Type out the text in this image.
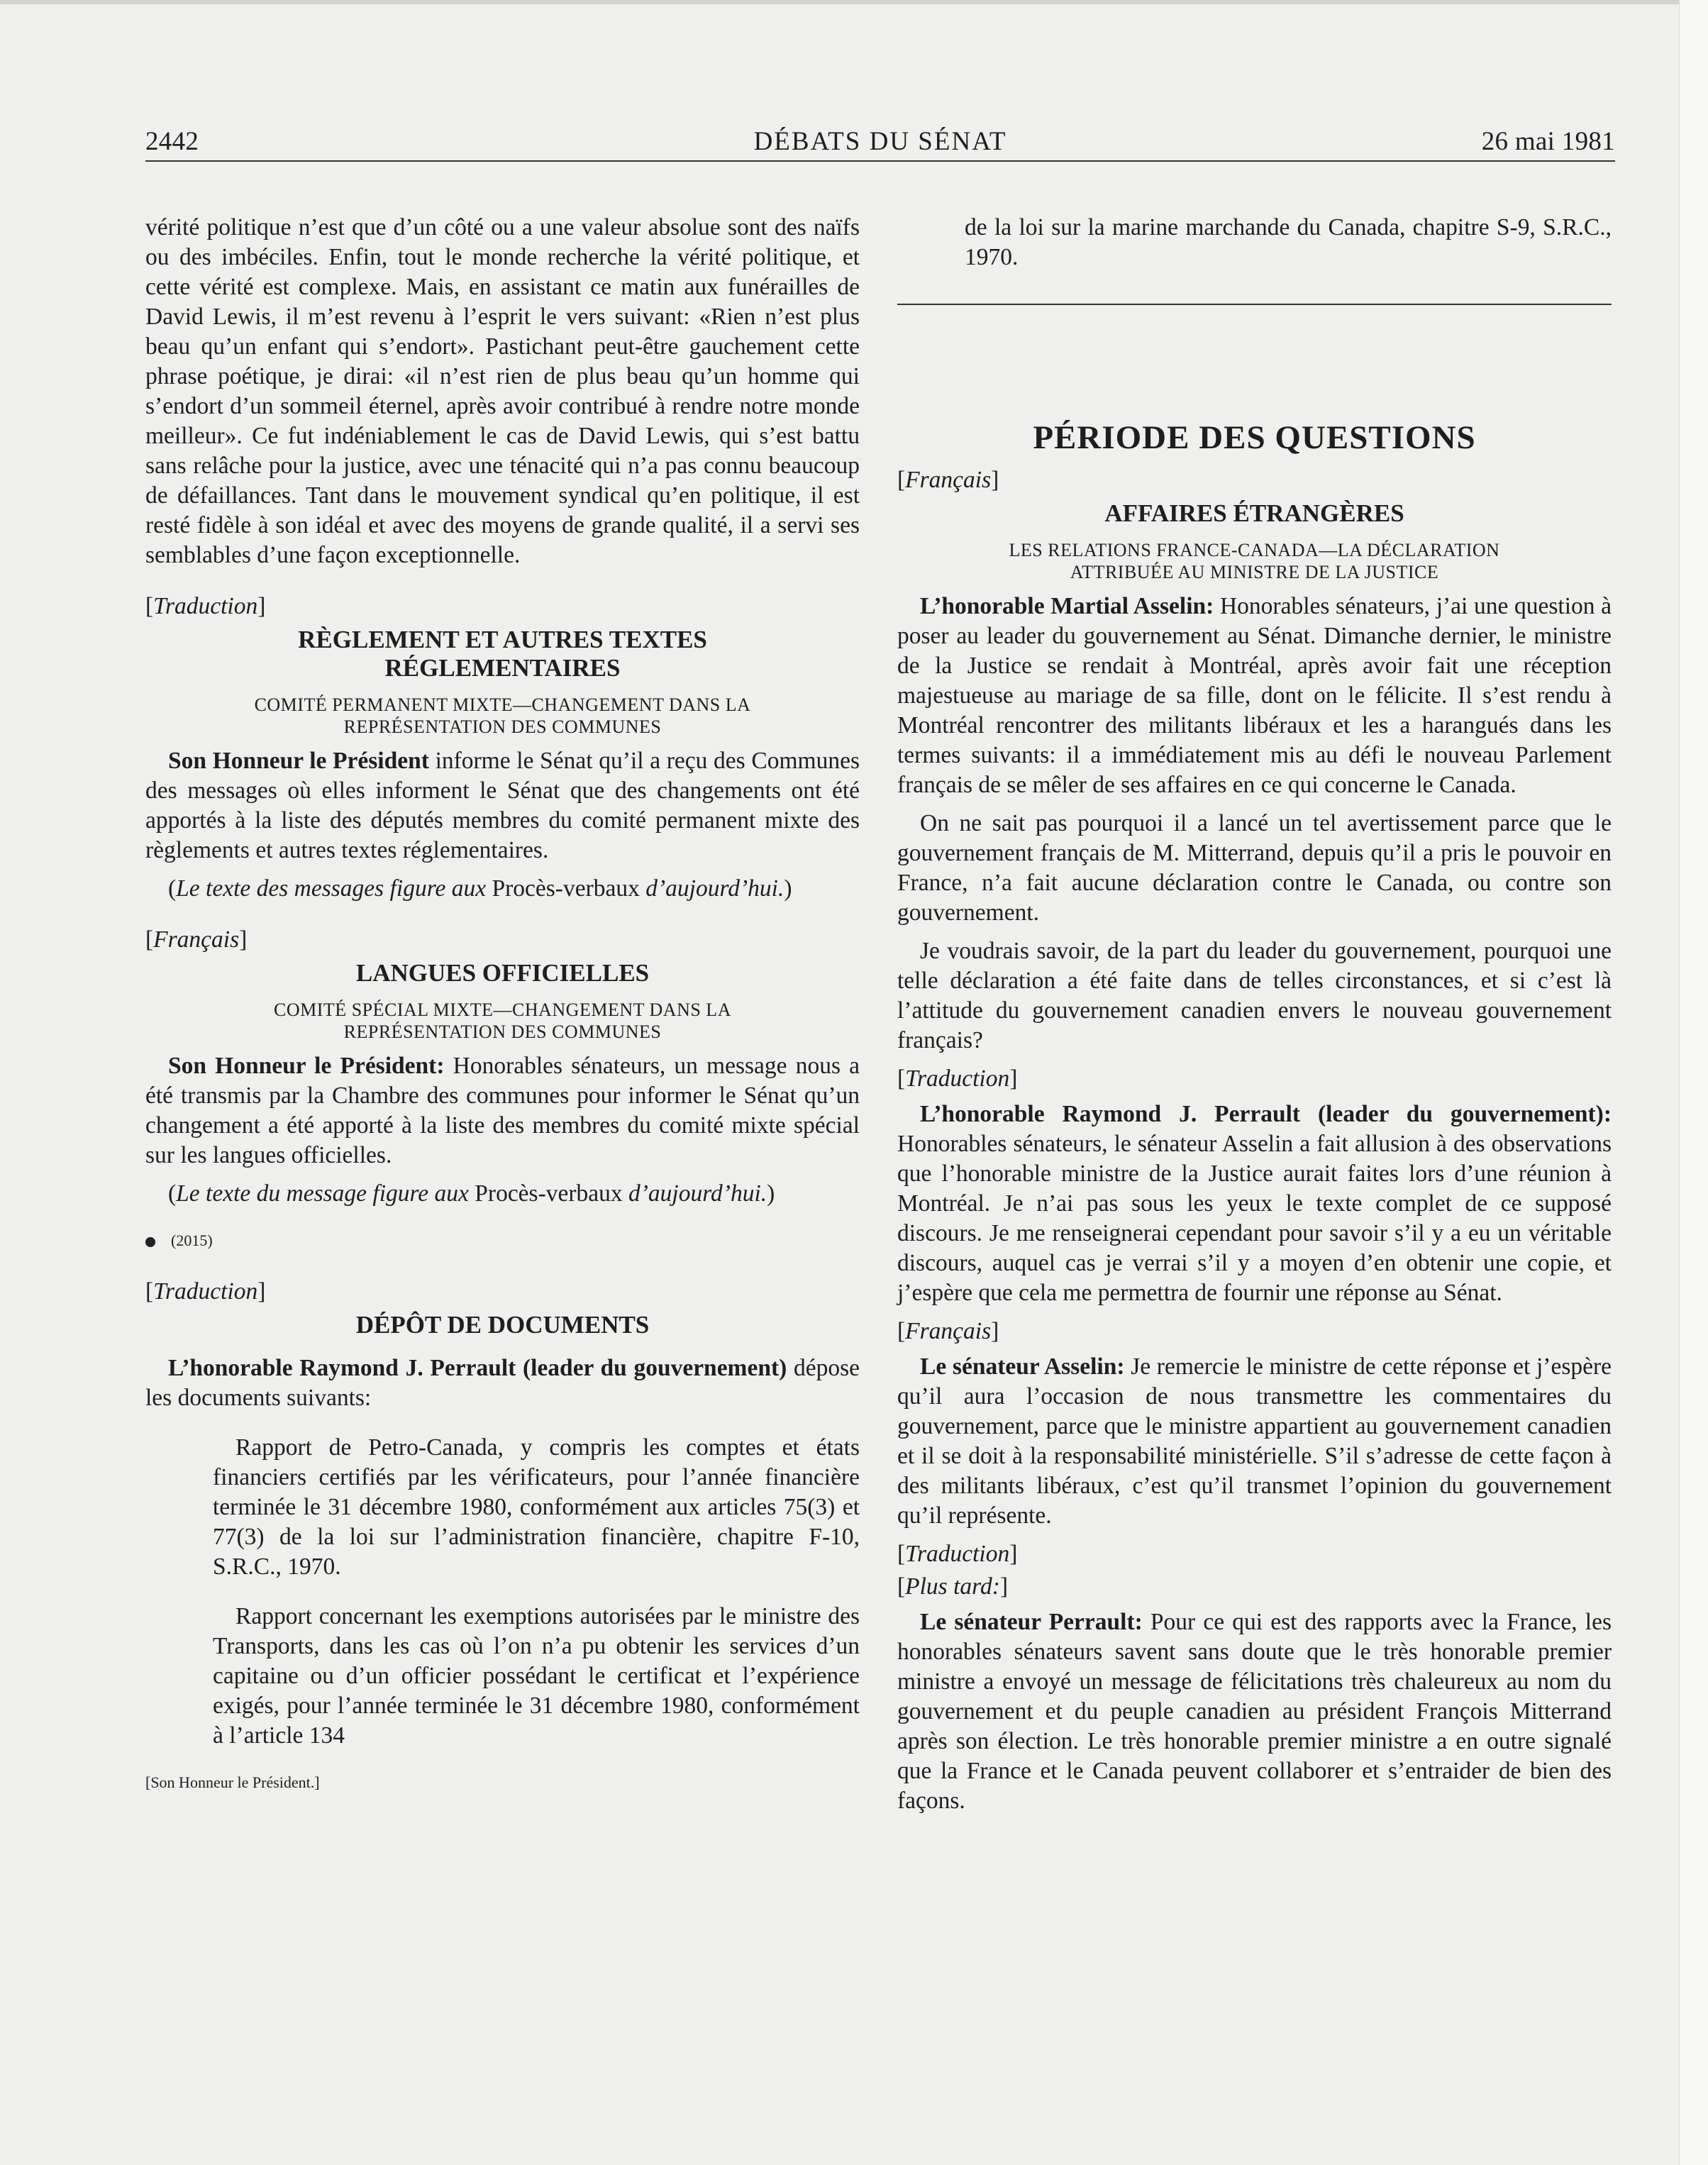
2442	DÉBATS DU SÉNAT	26 mai 1981

vérité politique n’est que d’un côté ou a une valeur absolue sont des naïfs ou des imbéciles. Enfin, tout le monde recherche la vérité politique, et cette vérité est complexe. Mais, en assistant ce matin aux funérailles de David Lewis, il m’est revenu à l’esprit le vers suivant: «Rien n’est plus beau qu’un enfant qui s’endort». Pastichant peut-être gauchement cette phrase poétique, je dirai: «il n’est rien de plus beau qu’un homme qui s’endort d’un sommeil éternel, après avoir contribué à rendre notre monde meilleur». Ce fut indéniablement le cas de David Lewis, qui s’est battu sans relâche pour la justice, avec une ténacité qui n’a pas connu beaucoup de défaillances. Tant dans le mouvement syndical qu’en politique, il est resté fidèle à son idéal et avec des moyens de grande qualité, il a servi ses semblables d’une façon exceptionnelle.

[Traduction]

RÈGLEMENT ET AUTRES TEXTES
RÉGLEMENTAIRES
COMITÉ PERMANENT MIXTE—CHANGEMENT DANS LA
REPRÉSENTATION DES COMMUNES

Son Honneur le Président informe le Sénat qu’il a reçu des Communes des messages où elles informent le Sénat que des changements ont été apportés à la liste des députés membres du comité permanent mixte des règlements et autres textes réglementaires.

(Le texte des messages figure aux Procès-verbaux d’aujourd’hui.)

[Français]

LANGUES OFFICIELLES
COMITÉ SPÉCIAL MIXTE—CHANGEMENT DANS LA
REPRÉSENTATION DES COMMUNES

Son Honneur le Président: Honorables sénateurs, un message nous a été transmis par la Chambre des communes pour informer le Sénat qu’un changement a été apporté à la liste des membres du comité mixte spécial sur les langues officielles.

(Le texte du message figure aux Procès-verbaux d’aujourd’hui.)

(2015)

[Traduction]

DÉPÔT DE DOCUMENTS

L’honorable Raymond J. Perrault (leader du gouvernement) dépose les documents suivants:

Rapport de Petro-Canada, y compris les comptes et états financiers certifiés par les vérificateurs, pour l’année financière terminée le 31 décembre 1980, conformément aux articles 75(3) et 77(3) de la loi sur l’administration financière, chapitre F-10, S.R.C., 1970.

Rapport concernant les exemptions autorisées par le ministre des Transports, dans les cas où l’on n’a pu obtenir les services d’un capitaine ou d’un officier possédant le certificat et l’expérience exigés, pour l’année terminée le 31 décembre 1980, conformément à l’article 134

[Son Honneur le Président.]

de la loi sur la marine marchande du Canada, chapitre S-9, S.R.C., 1970.

PÉRIODE DES QUESTIONS

[Français]

AFFAIRES ÉTRANGÈRES
LES RELATIONS FRANCE-CANADA—LA DÉCLARATION
ATTRIBUÉE AU MINISTRE DE LA JUSTICE

L’honorable Martial Asselin: Honorables sénateurs, j’ai une question à poser au leader du gouvernement au Sénat. Dimanche dernier, le ministre de la Justice se rendait à Montréal, après avoir fait une réception majestueuse au mariage de sa fille, dont on le félicite. Il s’est rendu à Montréal rencontrer des militants libéraux et les a harangués dans les termes suivants: il a immédiatement mis au défi le nouveau Parlement français de se mêler de ses affaires en ce qui concerne le Canada.

On ne sait pas pourquoi il a lancé un tel avertissement parce que le gouvernement français de M. Mitterrand, depuis qu’il a pris le pouvoir en France, n’a fait aucune déclaration contre le Canada, ou contre son gouvernement.

Je voudrais savoir, de la part du leader du gouvernement, pourquoi une telle déclaration a été faite dans de telles circonstances, et si c’est là l’attitude du gouvernement canadien envers le nouveau gouvernement français?

[Traduction]

L’honorable Raymond J. Perrault (leader du gouvernement): Honorables sénateurs, le sénateur Asselin a fait allusion à des observations que l’honorable ministre de la Justice aurait faites lors d’une réunion à Montréal. Je n’ai pas sous les yeux le texte complet de ce supposé discours. Je me renseignerai cependant pour savoir s’il y a eu un véritable discours, auquel cas je verrai s’il y a moyen d’en obtenir une copie, et j’espère que cela me permettra de fournir une réponse au Sénat.

[Français]

Le sénateur Asselin: Je remercie le ministre de cette réponse et j’espère qu’il aura l’occasion de nous transmettre les commentaires du gouvernement, parce que le ministre appartient au gouvernement canadien et il se doit à la responsabilité ministérielle. S’il s’adresse de cette façon à des militants libéraux, c’est qu’il transmet l’opinion du gouvernement qu’il représente.

[Traduction]

[Plus tard:]

Le sénateur Perrault: Pour ce qui est des rapports avec la France, les honorables sénateurs savent sans doute que le très honorable premier ministre a envoyé un message de félicitations très chaleureux au nom du gouvernement et du peuple canadien au président François Mitterrand après son élection. Le très honorable premier ministre a en outre signalé que la France et le Canada peuvent collaborer et s’entraider de bien des façons.
